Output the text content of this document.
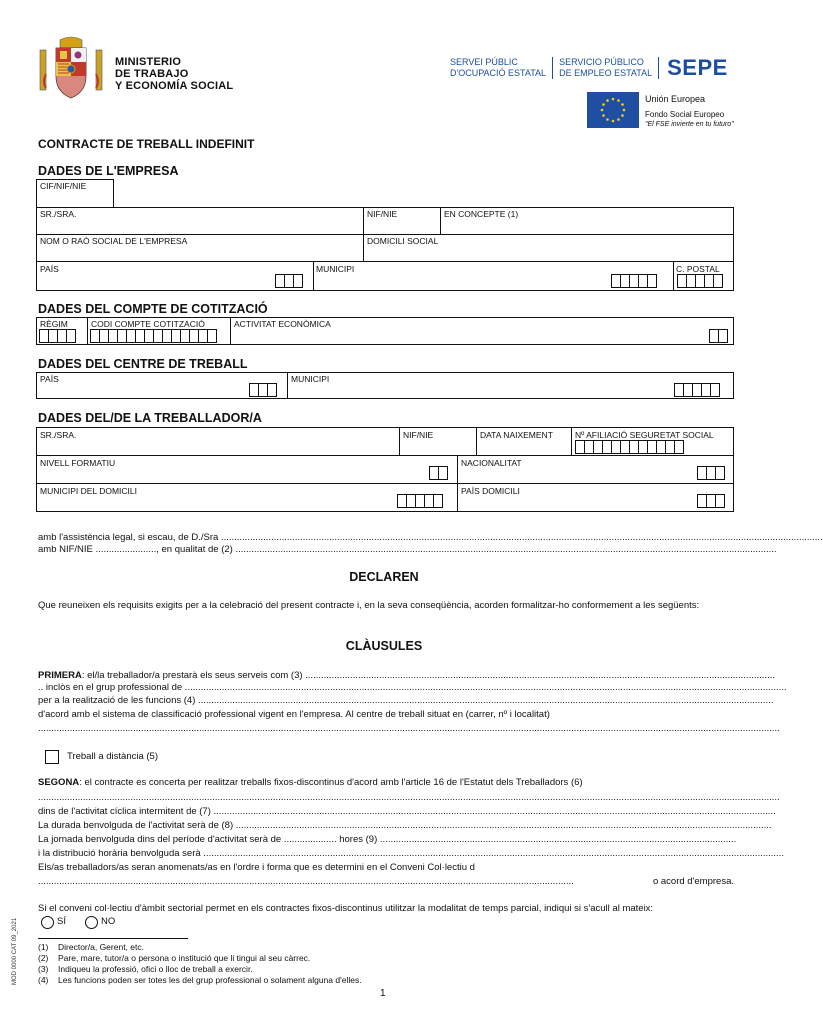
MINISTERIO
DE TRABAJO
Y ECONOMÍA SOCIAL
SERVEI PÚBLIC
D'OCUPACIÓ ESTATAL
SERVICIO PÚBLICO
DE EMPLEO ESTATAL SEPE
Unión Europea
Fondo Social Europeo
"El FSE invierte en tu futuro"
CONTRACTE DE TREBALL INDEFINIT
DADES DE L'EMPRESA
CIF/NIF/NIE
SR./SRA.	NIF/NIE	EN CONCEPTE (1)
NOM O RAÓ SOCIAL DE L'EMPRESA	DOMICILI SOCIAL
PAÍS	MUNICIPI	C. POSTAL
DADES DEL COMPTE DE COTITZACIÓ
RÈGIM	CODI COMPTE COTITZACIÓ	ACTIVITAT ECONÒMICA
DADES DEL CENTRE DE TREBALL
PAÍS	MUNICIPI
DADES DEL/DE LA TREBALLADOR/A
SR./SRA.	NIF/NIE	DATA NAIXEMENT	Nº AFILIACIÓ SEGURETAT SOCIAL
NIVELL FORMATIU	NACIONALITAT
MUNICIPI DEL DOMICILI	PAÍS DOMICILI
amb l'assistència legal, si escau, de D./Sra ....................................................................................................................................................................................................................................
amb NIF/NIE ......................., en qualitat de (2) .............................................................................................................................................................................................................
DECLAREN
Que reuneixen els requisits exigits per a la celebració del present contracte i, en la seva conseqüència, acorden formalitzar-ho conformement a les següents:
CLÀUSULES
PRIMERA: el/la treballador/a prestarà els seus serveis com (3) ..................................................................................................................................................................................
.. inclòs en el grup professional de ....................................................................................................................................................................................................................................
per a la realització de les funcions (4) ..........................................................................................................................................................................................................................
d'acord amb el sistema de classificació professional vigent en l'empresa. Al centre de treball situat en (carrer, nº i localitat)
.........................................................................................................................................................................................................................................................................................
Treball a distància (5)
SEGONA: el contracte es concerta per realitzar treballs fixos-discontinus d'acord amb l'article 16 de l'Estatut dels Treballadors (6)
.........................................................................................................................................................................................................................................................................................
dins de l'activitat cíclica intermitent de (7) .....................................................................................................................................................................................................................
La durada benvolguda de l'activitat serà de (8) ...........................................................................................................................................................................................................
La jornada benvolguda dins del període d'activitat serà de .................... hores (9) .......................................................................................................................................
i la distribució horària benvolguda serà ............................................................................................................................................................................................................................
Els/as treballadors/as seran anomenats/as en l'ordre i forma que es determini en el Conveni Col·lectiu d
...........................................................................................................................................................................................................	o acord d'empresa.
Si el conveni col·lectiu d'àmbit sectorial permet en els contractes fixos-discontinus utilitzar la modalitat de temps parcial, indiqui si s'acull al mateix:
SÍ	NO
(1)	Director/a, Gerent, etc.
(2)	Pare, mare, tutor/a o persona o institució que li tingui al seu càrrec.
(3)	Indiqueu la professió, ofici o lloc de treball a exercir.
(4)	Les funcions poden ser totes les del grup professional o solament alguna d'elles.
MOD 0000 CAT 09_2021
1
